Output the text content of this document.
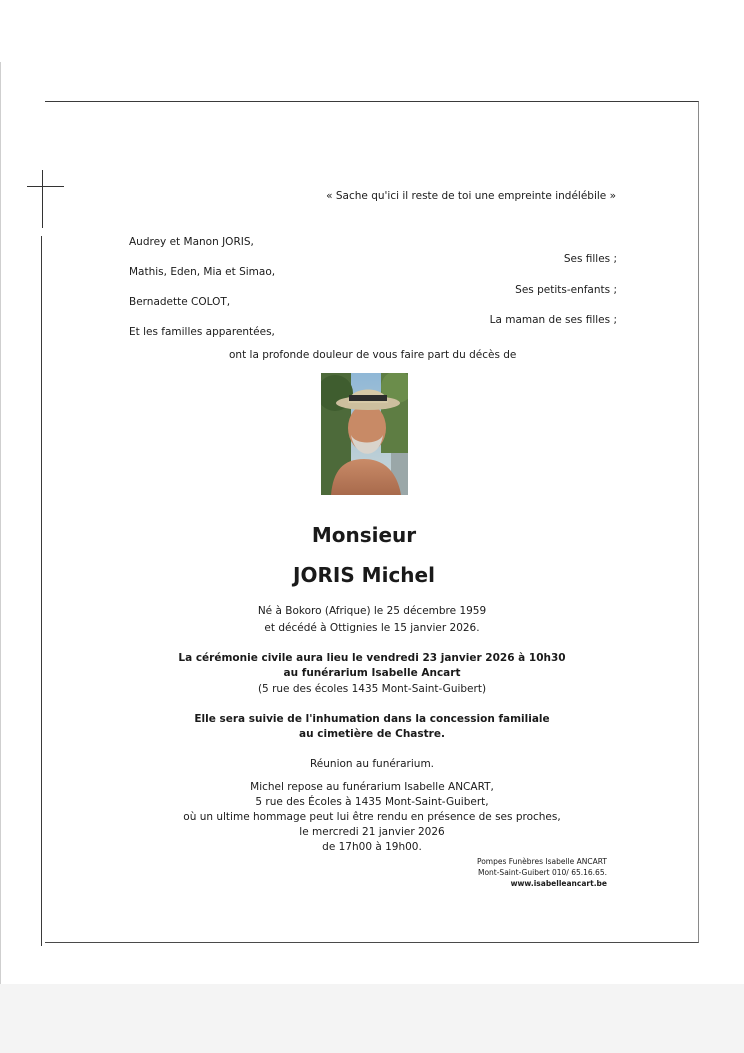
« Sache qu'ici il reste de toi une empreinte indélébile »
Audrey et Manon JORIS,
Ses filles ;
Mathis, Eden, Mia et Simao,
Ses petits-enfants ;
Bernadette COLOT,
La maman de ses filles ;
Et les familles apparentées,
ont la profonde douleur de vous faire part du décès de
Monsieur
JORIS Michel
Né à Bokoro (Afrique) le 25 décembre 1959
et décédé à Ottignies le 15 janvier 2026.
La cérémonie civile aura lieu le vendredi 23 janvier 2026 à 10h30
au funérarium Isabelle Ancart
(5 rue des écoles 1435 Mont-Saint-Guibert)
Elle sera suivie de l'inhumation dans la concession familiale
au cimetière de Chastre.
Réunion au funérarium.
Michel repose au funérarium Isabelle ANCART,
5 rue des Écoles à 1435 Mont-Saint-Guibert,
où un ultime hommage peut lui être rendu en présence de ses proches,
le mercredi 21 janvier 2026
de 17h00 à 19h00.
Pompes Funèbres Isabelle ANCART
Mont-Saint-Guibert 010/ 65.16.65.
www.isabelleancart.be
